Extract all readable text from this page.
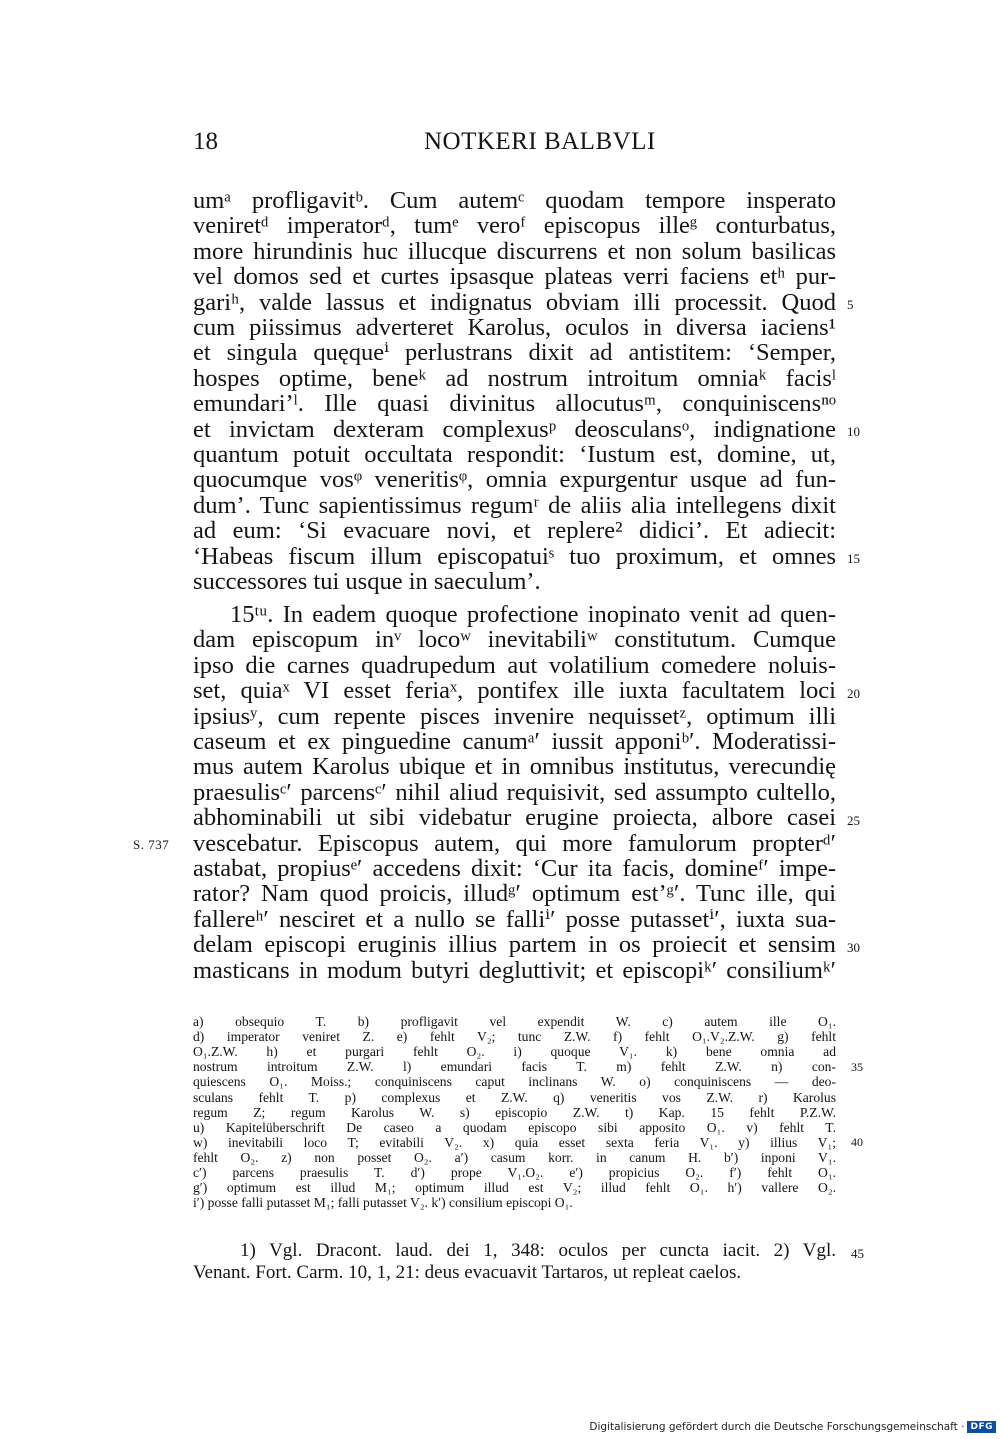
18	NOTKERI BALBVLI
umᵃ profligavitᵇ. Cum autemᶜ quodam tempore insperato
veniretᵈ imperatorᵈ, tumᵉ veroᶠ episcopus illeᵍ conturbatus,
more hirundinis huc illucque discurrens et non solum basilicas
vel domos sed et curtes ipsasque plateas verri faciens etʰ pur-
gariʰ, valde lassus et indignatus obviam illi processit. Quod
cum piissimus adverteret Karolus, oculos in diversa iaciens¹
et singula quęqueⁱ perlustrans dixit ad antistitem: ‘Semper,
hospes optime, beneᵏ ad nostrum introitum omniaᵏ facisˡ
emundari’ˡ. Ille quasi divinitus allocutusᵐ, conquiniscensⁿᵒ
et invictam dexteram complexusᵖ deosculansᵒ, indignatione
quantum potuit occultata respondit: ‘Iustum est, domine, ut,
quocumque vosᵠ veneritisᵠ, omnia expurgentur usque ad fun-
dum’. Tunc sapientissimus regumʳ de aliis alia intellegens dixit
ad eum: ‘Si evacuare novi, et replere² didici’. Et adiecit:
‘Habeas fiscum illum episcopatuiˢ tuo proximum, et omnes
successores tui usque in saeculum’.
15ᵗᵘ. In eadem quoque profectione inopinato venit ad quen-
dam episcopum inᵛ locoʷ inevitabiliʷ constitutum. Cumque
ipso die carnes quadrupedum aut volatilium comedere noluis-
set, quiaˣ VI esset feriaˣ, pontifex ille iuxta facultatem loci
ipsiusʸ, cum repente pisces invenire nequissetᶻ, optimum illi
caseum et ex pinguedine canumᵃ′ iussit apponiᵇ′. Moderatissi-
mus autem Karolus ubique et in omnibus institutus, verecundię
praesulisᶜ′ parcensᶜ′ nihil aliud requisivit, sed assumpto cultello,
abhominabili ut sibi videbatur erugine proiecta, albore casei
vescebatur. Episcopus autem, qui more famulorum propterᵈ′
astabat, propiusᵉ′ accedens dixit: ‘Cur ita facis, domineᶠ′ impe-
rator? Nam quod proicis, illudᵍ′ optimum est’ᵍ′. Tunc ille, qui
fallereʰ′ nesciret et a nullo se falliⁱ′ posse putassetⁱ′, iuxta sua-
delam episcopi eruginis illius partem in os proiecit et sensim
masticans in modum butyri degluttivit; et episcopiᵏ′ consiliumᵏ′
5
10
15
20
25
30
S. 737
a) obsequio T. b) profligavit vel expendit W. c) autem ille O₁.
d) imperator veniret Z. e) fehlt V₂; tunc Z.W. f) fehlt O₁.V₂.Z.W. g) fehlt
O₁.Z.W. h) et purgari fehlt O₂. i) quoque V₁. k) bene omnia ad
nostrum introitum Z.W. l) emundari facis T. m) fehlt Z.W. n) con-
quiescens O₁. Moiss.; conquiniscens caput inclinans W. o) conquiniscens — deo-
sculans fehlt T. p) complexus et Z.W. q) veneritis vos Z.W. r) Karolus
regum Z; regum Karolus W. s) episcopio Z.W. t) Kap. 15 fehlt P.Z.W.
u) Kapitelüberschrift De caseo a quodam episcopo sibi apposito O₁. v) fehlt T.
w) inevitabili loco T; evitabili V₂. x) quia esset sexta feria V₁. y) illius V₁;
fehlt O₂. z) non posset O₂. a′) casum korr. in canum H. b′) inponi V₁.
c′) parcens praesulis T. d′) prope V₁.O₂. e′) propicius O₂. f′) fehlt O₁.
g′) optimum est illud M₁; optimum illud est V₂; illud fehlt O₁. h′) vallere O₂.
i′) posse falli putasset M₁; falli putasset V₂. k′) consilium episcopi O₁.
35
40
1) Vgl. Dracont. laud. dei 1, 348: oculos per cuncta iacit. 2) Vgl.
Venant. Fort. Carm. 10, 1, 21: deus evacuavit Tartaros, ut repleat caelos.
45
Digitalisierung gefördert durch die Deutsche Forschungsgemeinschaft · DFG
